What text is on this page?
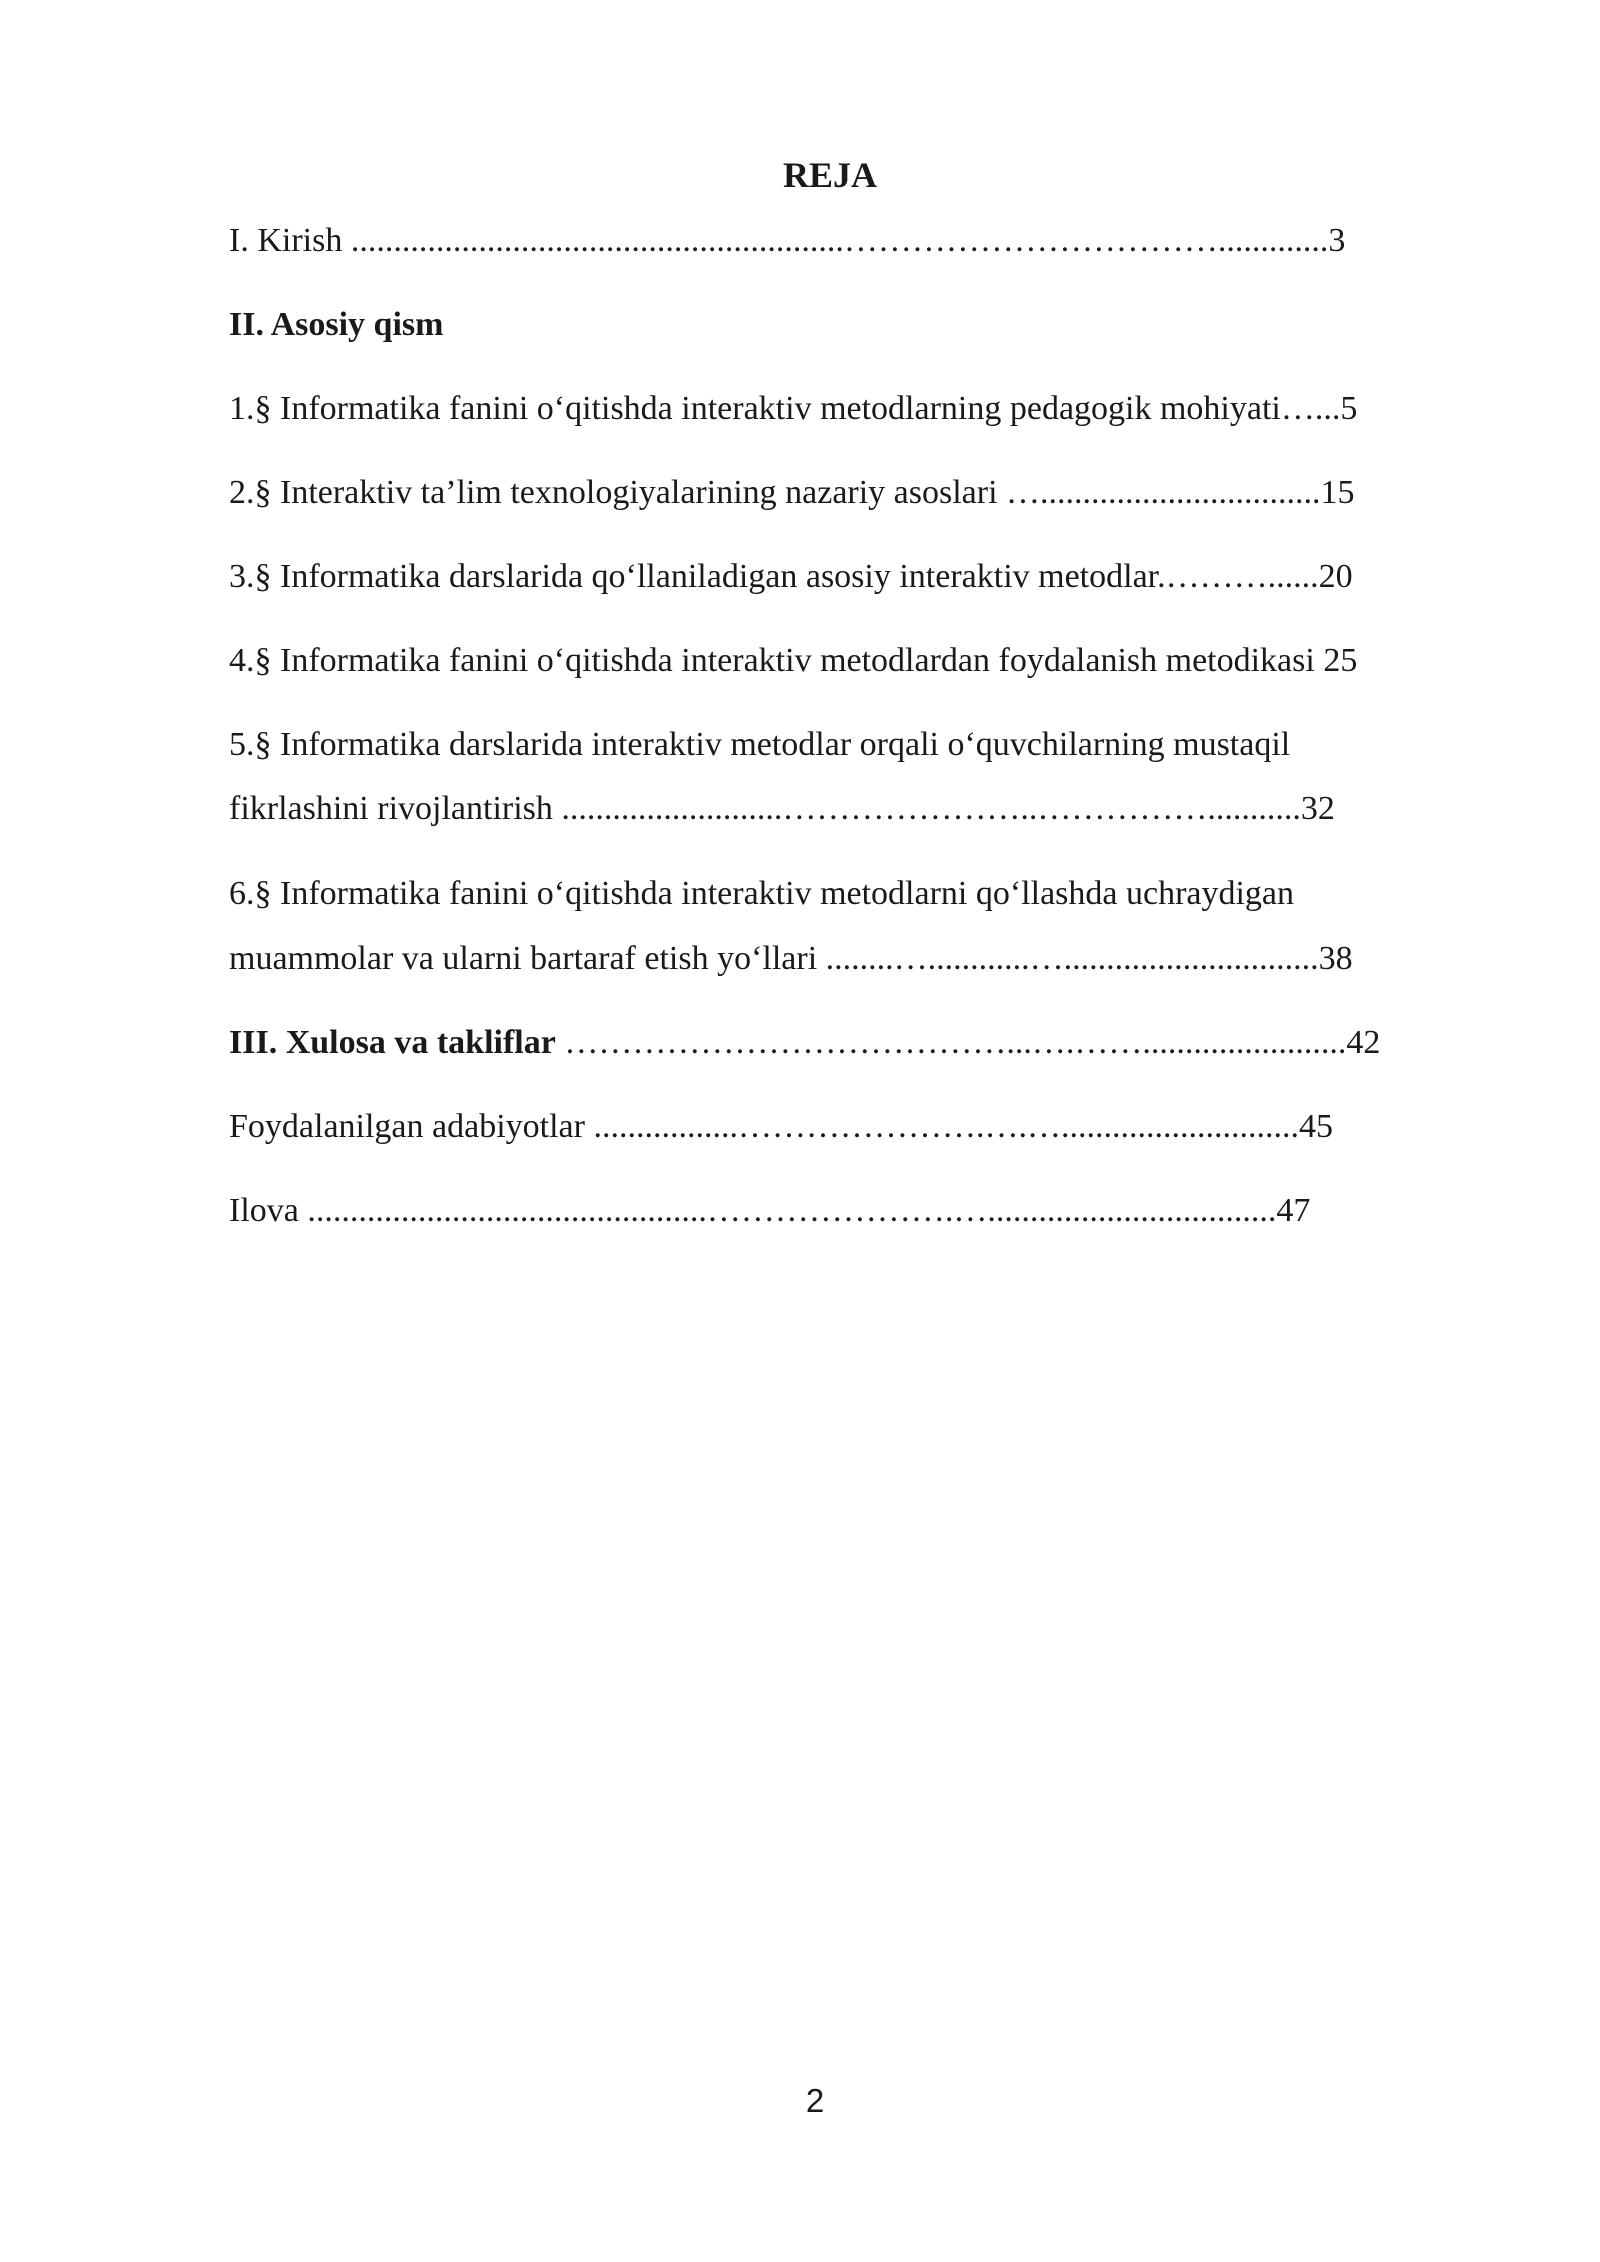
REJA
I. Kirish ..........................................................…………………………….............3
II. Asosiy qism
1.§ Informatika fanini o‘qitishda interaktiv metodlarning pedagogik mohiyati…...5
2.§ Interaktiv ta’lim texnologiyalarining nazariy asoslari ….................................15
3.§ Informatika darslarida qo‘llaniladigan asosiy interaktiv metodlar.………......20
4.§ Informatika fanini o‘qitishda interaktiv metodlardan foydalanish metodikasi 25
5.§ Informatika darslarida interaktiv metodlar orqali o‘quvchilarning mustaqil
fikrlashini rivojlantirish ..........................…………………..……………...........32
6.§ Informatika fanini o‘qitishda interaktiv metodlarni qo‘llashda uchraydigan
muammolar va ularni bartaraf etish yo‘llari ........…............…..............................38
III. Xulosa va takliflar …………………………………...….……........................42
Foydalanilgan adabiyotlar .................………………….….…............................45
Ilova ...............................................………………….…..................................47
2
